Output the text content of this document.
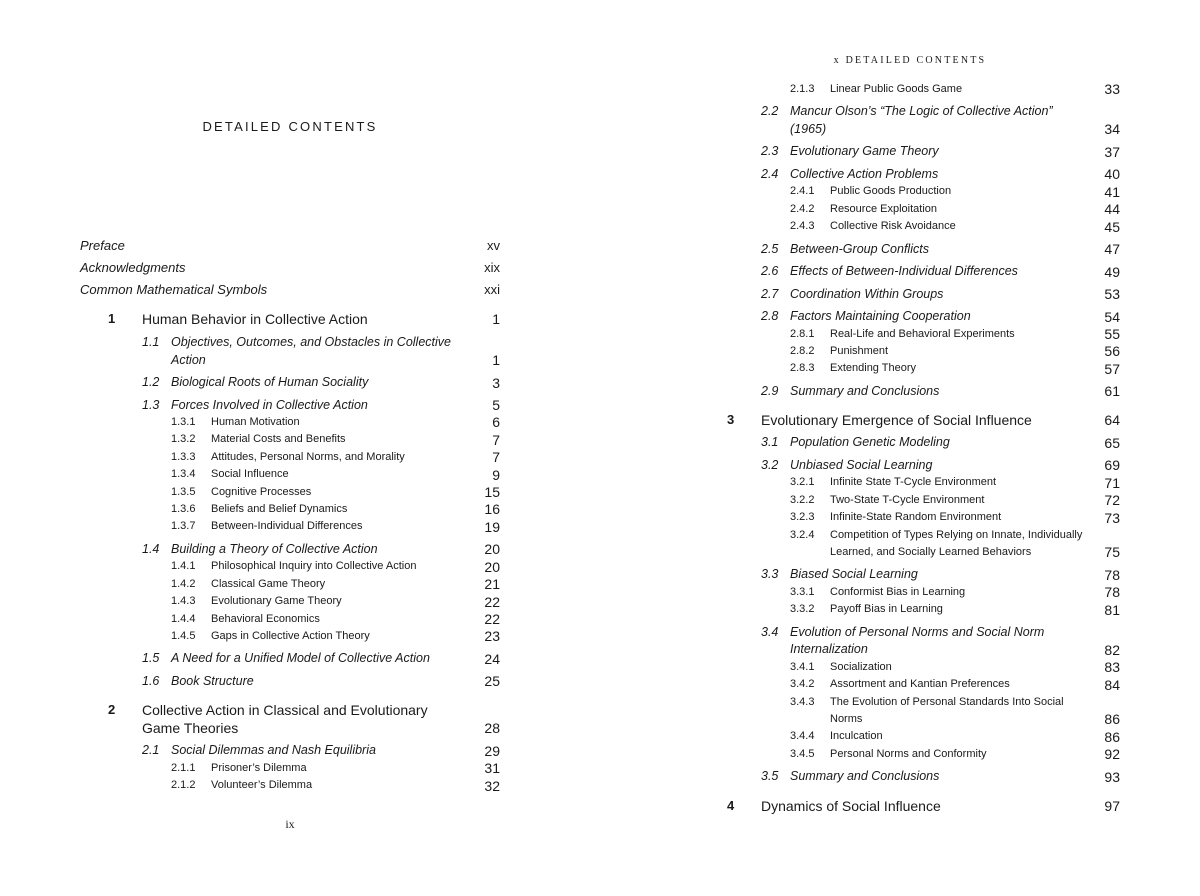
DETAILED CONTENTS
x DETAILED CONTENTS
ix
Preface	xv
Acknowledgments	xix
Common Mathematical Symbols	xxi
1 Human Behavior in Collective Action	1
1.1 Objectives, Outcomes, and Obstacles in Collective Action	1
1.2 Biological Roots of Human Sociality	3
1.3 Forces Involved in Collective Action	5
1.3.1 Human Motivation	6
1.3.2 Material Costs and Benefits	7
1.3.3 Attitudes, Personal Norms, and Morality	7
1.3.4 Social Influence	9
1.3.5 Cognitive Processes	15
1.3.6 Beliefs and Belief Dynamics	16
1.3.7 Between-Individual Differences	19
1.4 Building a Theory of Collective Action	20
1.4.1 Philosophical Inquiry into Collective Action	20
1.4.2 Classical Game Theory	21
1.4.3 Evolutionary Game Theory	22
1.4.4 Behavioral Economics	22
1.4.5 Gaps in Collective Action Theory	23
1.5 A Need for a Unified Model of Collective Action	24
1.6 Book Structure	25
2 Collective Action in Classical and Evolutionary Game Theories	28
2.1 Social Dilemmas and Nash Equilibria	29
2.1.1 Prisoner’s Dilemma	31
2.1.2 Volunteer’s Dilemma	32
2.1.3 Linear Public Goods Game	33
2.2 Mancur Olson’s “The Logic of Collective Action” (1965)	34
2.3 Evolutionary Game Theory	37
2.4 Collective Action Problems	40
2.4.1 Public Goods Production	41
2.4.2 Resource Exploitation	44
2.4.3 Collective Risk Avoidance	45
2.5 Between-Group Conflicts	47
2.6 Effects of Between-Individual Differences	49
2.7 Coordination Within Groups	53
2.8 Factors Maintaining Cooperation	54
2.8.1 Real-Life and Behavioral Experiments	55
2.8.2 Punishment	56
2.8.3 Extending Theory	57
2.9 Summary and Conclusions	61
3 Evolutionary Emergence of Social Influence	64
3.1 Population Genetic Modeling	65
3.2 Unbiased Social Learning	69
3.2.1 Infinite State T-Cycle Environment	71
3.2.2 Two-State T-Cycle Environment	72
3.2.3 Infinite-State Random Environment	73
3.2.4 Competition of Types Relying on Innate, Individually Learned, and Socially Learned Behaviors	75
3.3 Biased Social Learning	78
3.3.1 Conformist Bias in Learning	78
3.3.2 Payoff Bias in Learning	81
3.4 Evolution of Personal Norms and Social Norm Internalization	82
3.4.1 Socialization	83
3.4.2 Assortment and Kantian Preferences	84
3.4.3 The Evolution of Personal Standards Into Social Norms	86
3.4.4 Inculcation	86
3.4.5 Personal Norms and Conformity	92
3.5 Summary and Conclusions	93
4 Dynamics of Social Influence	97
